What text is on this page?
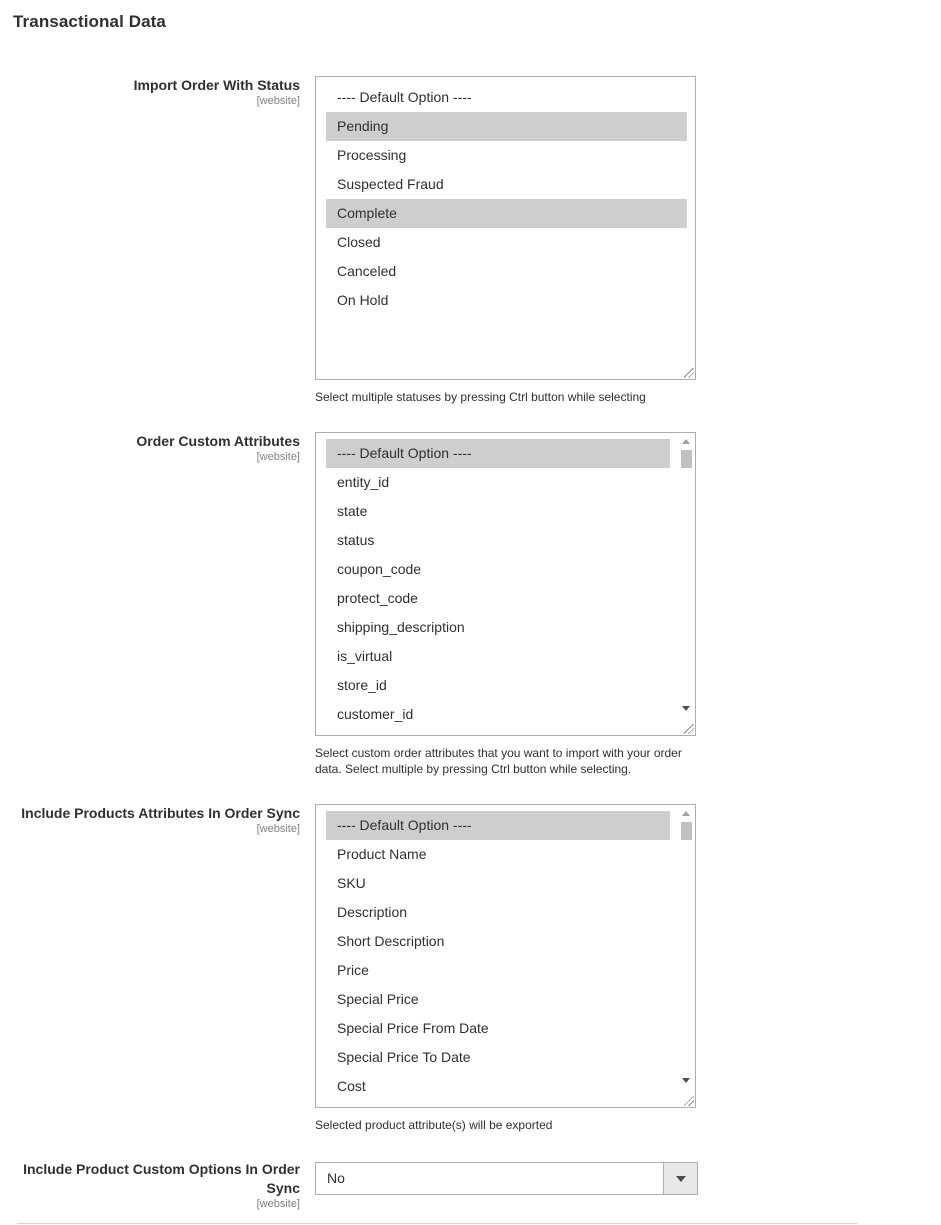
Transactional Data
Import Order With Status
[website]	---- Default Option ----
Pending
Processing
Suspected Fraud
Complete
Closed
Canceled
On Hold
Select multiple statuses by pressing Ctrl button while selecting
Order Custom Attributes
[website]	---- Default Option ----
entity_id
state
status
coupon_code
protect_code
shipping_description
is_virtual
store_id
customer_id
Select custom order attributes that you want to import with your order data. Select multiple by pressing Ctrl button while selecting.
Include Products Attributes In Order Sync
[website]	---- Default Option ----
Product Name
SKU
Description
Short Description
Price
Special Price
Special Price From Date
Special Price To Date
Cost
Selected product attribute(s) will be exported
Include Product Custom Options In Order Sync
[website]
No
